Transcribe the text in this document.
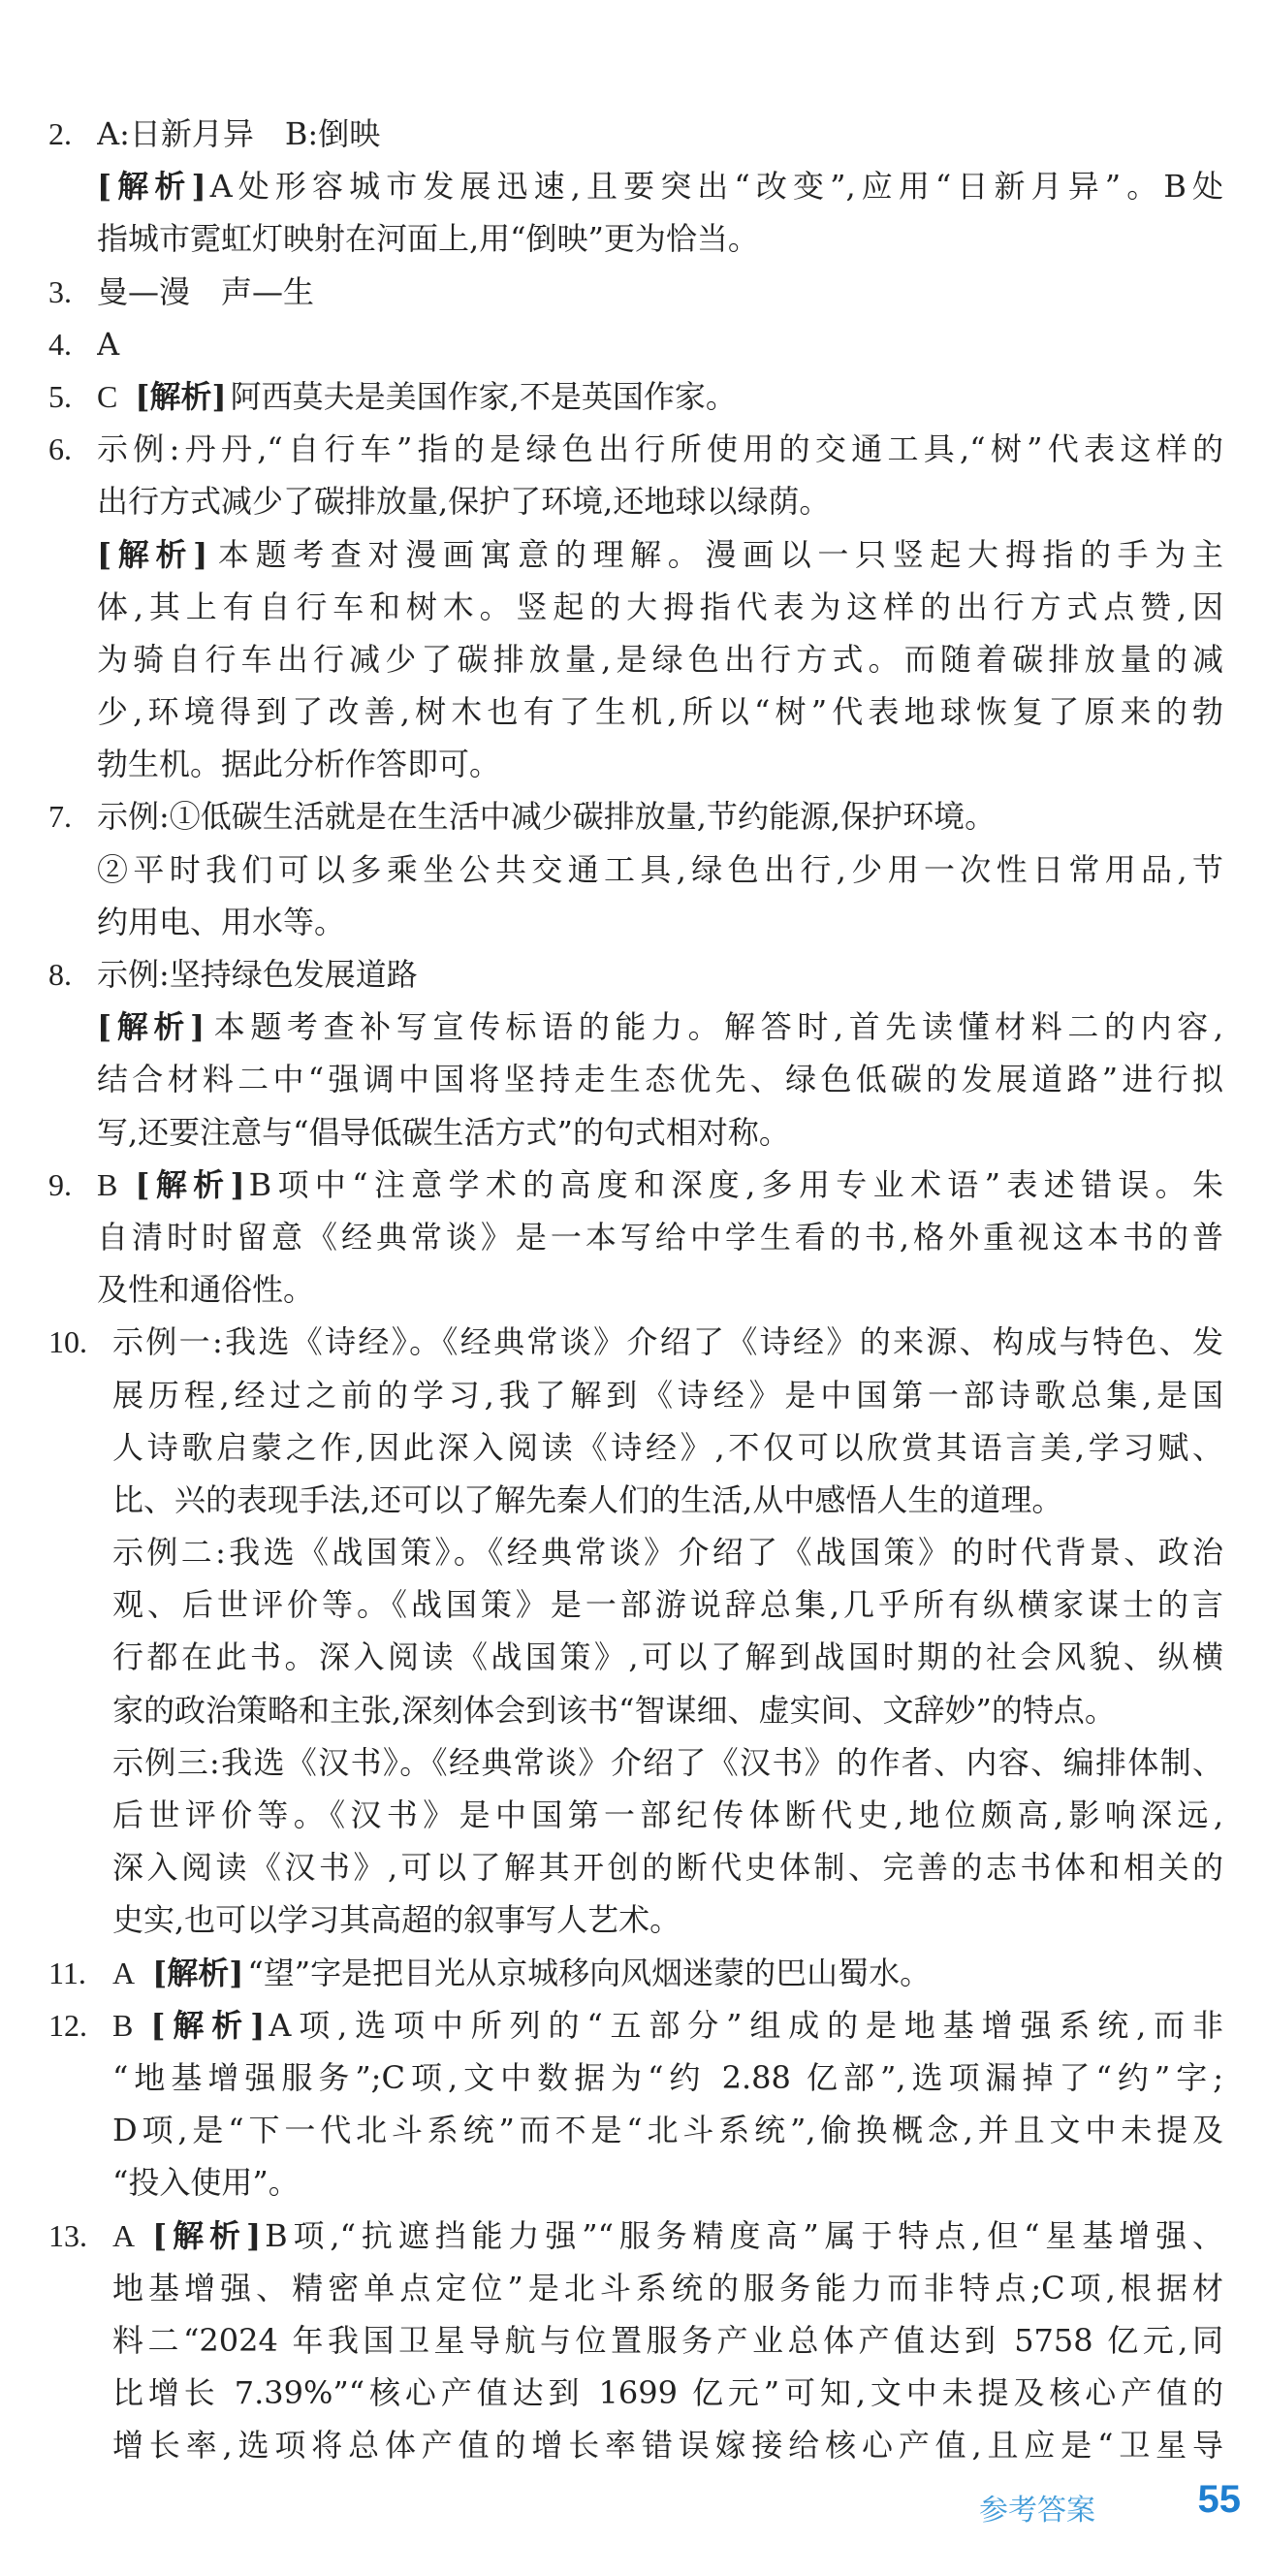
2. A:日新月异　B:倒映
[解析] A处形容城市发展迅速,且要突出“改变”,应用“日新月异”。B处
指城市霓虹灯映射在河面上,用“倒映”更为恰当。
3. 曼—漫　声—生
4. A
5. C [解析] 阿西莫夫是美国作家,不是英国作家。
6. 示例:丹丹,“自行车”指的是绿色出行所使用的交通工具,“树”代表这样的
出行方式减少了碳排放量,保护了环境,还地球以绿荫。
[解析] 本题考查对漫画寓意的理解。漫画以一只竖起大拇指的手为主
体,其上有自行车和树木。竖起的大拇指代表为这样的出行方式点赞,因
为骑自行车出行减少了碳排放量,是绿色出行方式。而随着碳排放量的减
少,环境得到了改善,树木也有了生机,所以“树”代表地球恢复了原来的勃
勃生机。据此分析作答即可。
7. 示例:①低碳生活就是在生活中减少碳排放量,节约能源,保护环境。
②平时我们可以多乘坐公共交通工具,绿色出行,少用一次性日常用品,节
约用电、用水等。
8. 示例:坚持绿色发展道路
[解析] 本题考查补写宣传标语的能力。解答时,首先读懂材料二的内容,
结合材料二中“强调中国将坚持走生态优先、绿色低碳的发展道路”进行拟
写,还要注意与“倡导低碳生活方式”的句式相对称。
9. B [解析] B项中“注意学术的高度和深度,多用专业术语”表述错误。朱
自清时时留意《经典常谈》是一本写给中学生看的书,格外重视这本书的普
及性和通俗性。
10. 示例一:我选《诗经》。《经典常谈》介绍了《诗经》的来源、构成与特色、发
展历程,经过之前的学习,我了解到《诗经》是中国第一部诗歌总集,是国
人诗歌启蒙之作,因此深入阅读《诗经》,不仅可以欣赏其语言美,学习赋、
比、兴的表现手法,还可以了解先秦人们的生活,从中感悟人生的道理。
示例二:我选《战国策》。《经典常谈》介绍了《战国策》的时代背景、政治
观、后世评价等。《战国策》是一部游说辞总集,几乎所有纵横家谋士的言
行都在此书。深入阅读《战国策》,可以了解到战国时期的社会风貌、纵横
家的政治策略和主张,深刻体会到该书“智谋细、虚实间、文辞妙”的特点。
示例三:我选《汉书》。《经典常谈》介绍了《汉书》的作者、内容、编排体制、
后世评价等。《汉书》是中国第一部纪传体断代史,地位颇高,影响深远,
深入阅读《汉书》,可以了解其开创的断代史体制、完善的志书体和相关的
史实,也可以学习其高超的叙事写人艺术。
11. A [解析] “望”字是把目光从京城移向风烟迷蒙的巴山蜀水。
12. B [解析] A项,选项中所列的“五部分”组成的是地基增强系统,而非
“地基增强服务”;C项,文中数据为“约 2.88 亿部”,选项漏掉了“约”字;
D项,是“下一代北斗系统”而不是“北斗系统”,偷换概念,并且文中未提及
“投入使用”。
13. A [解析] B项,“抗遮挡能力强”“服务精度高”属于特点,但“星基增强、
地基增强、精密单点定位”是北斗系统的服务能力而非特点;C项,根据材
料二“2024 年我国卫星导航与位置服务产业总体产值达到 5758 亿元,同
比增长 7.39%”“核心产值达到 1699 亿元”可知,文中未提及核心产值的
增长率,选项将总体产值的增长率错误嫁接给核心产值,且应是“卫星导
参考答案	55
